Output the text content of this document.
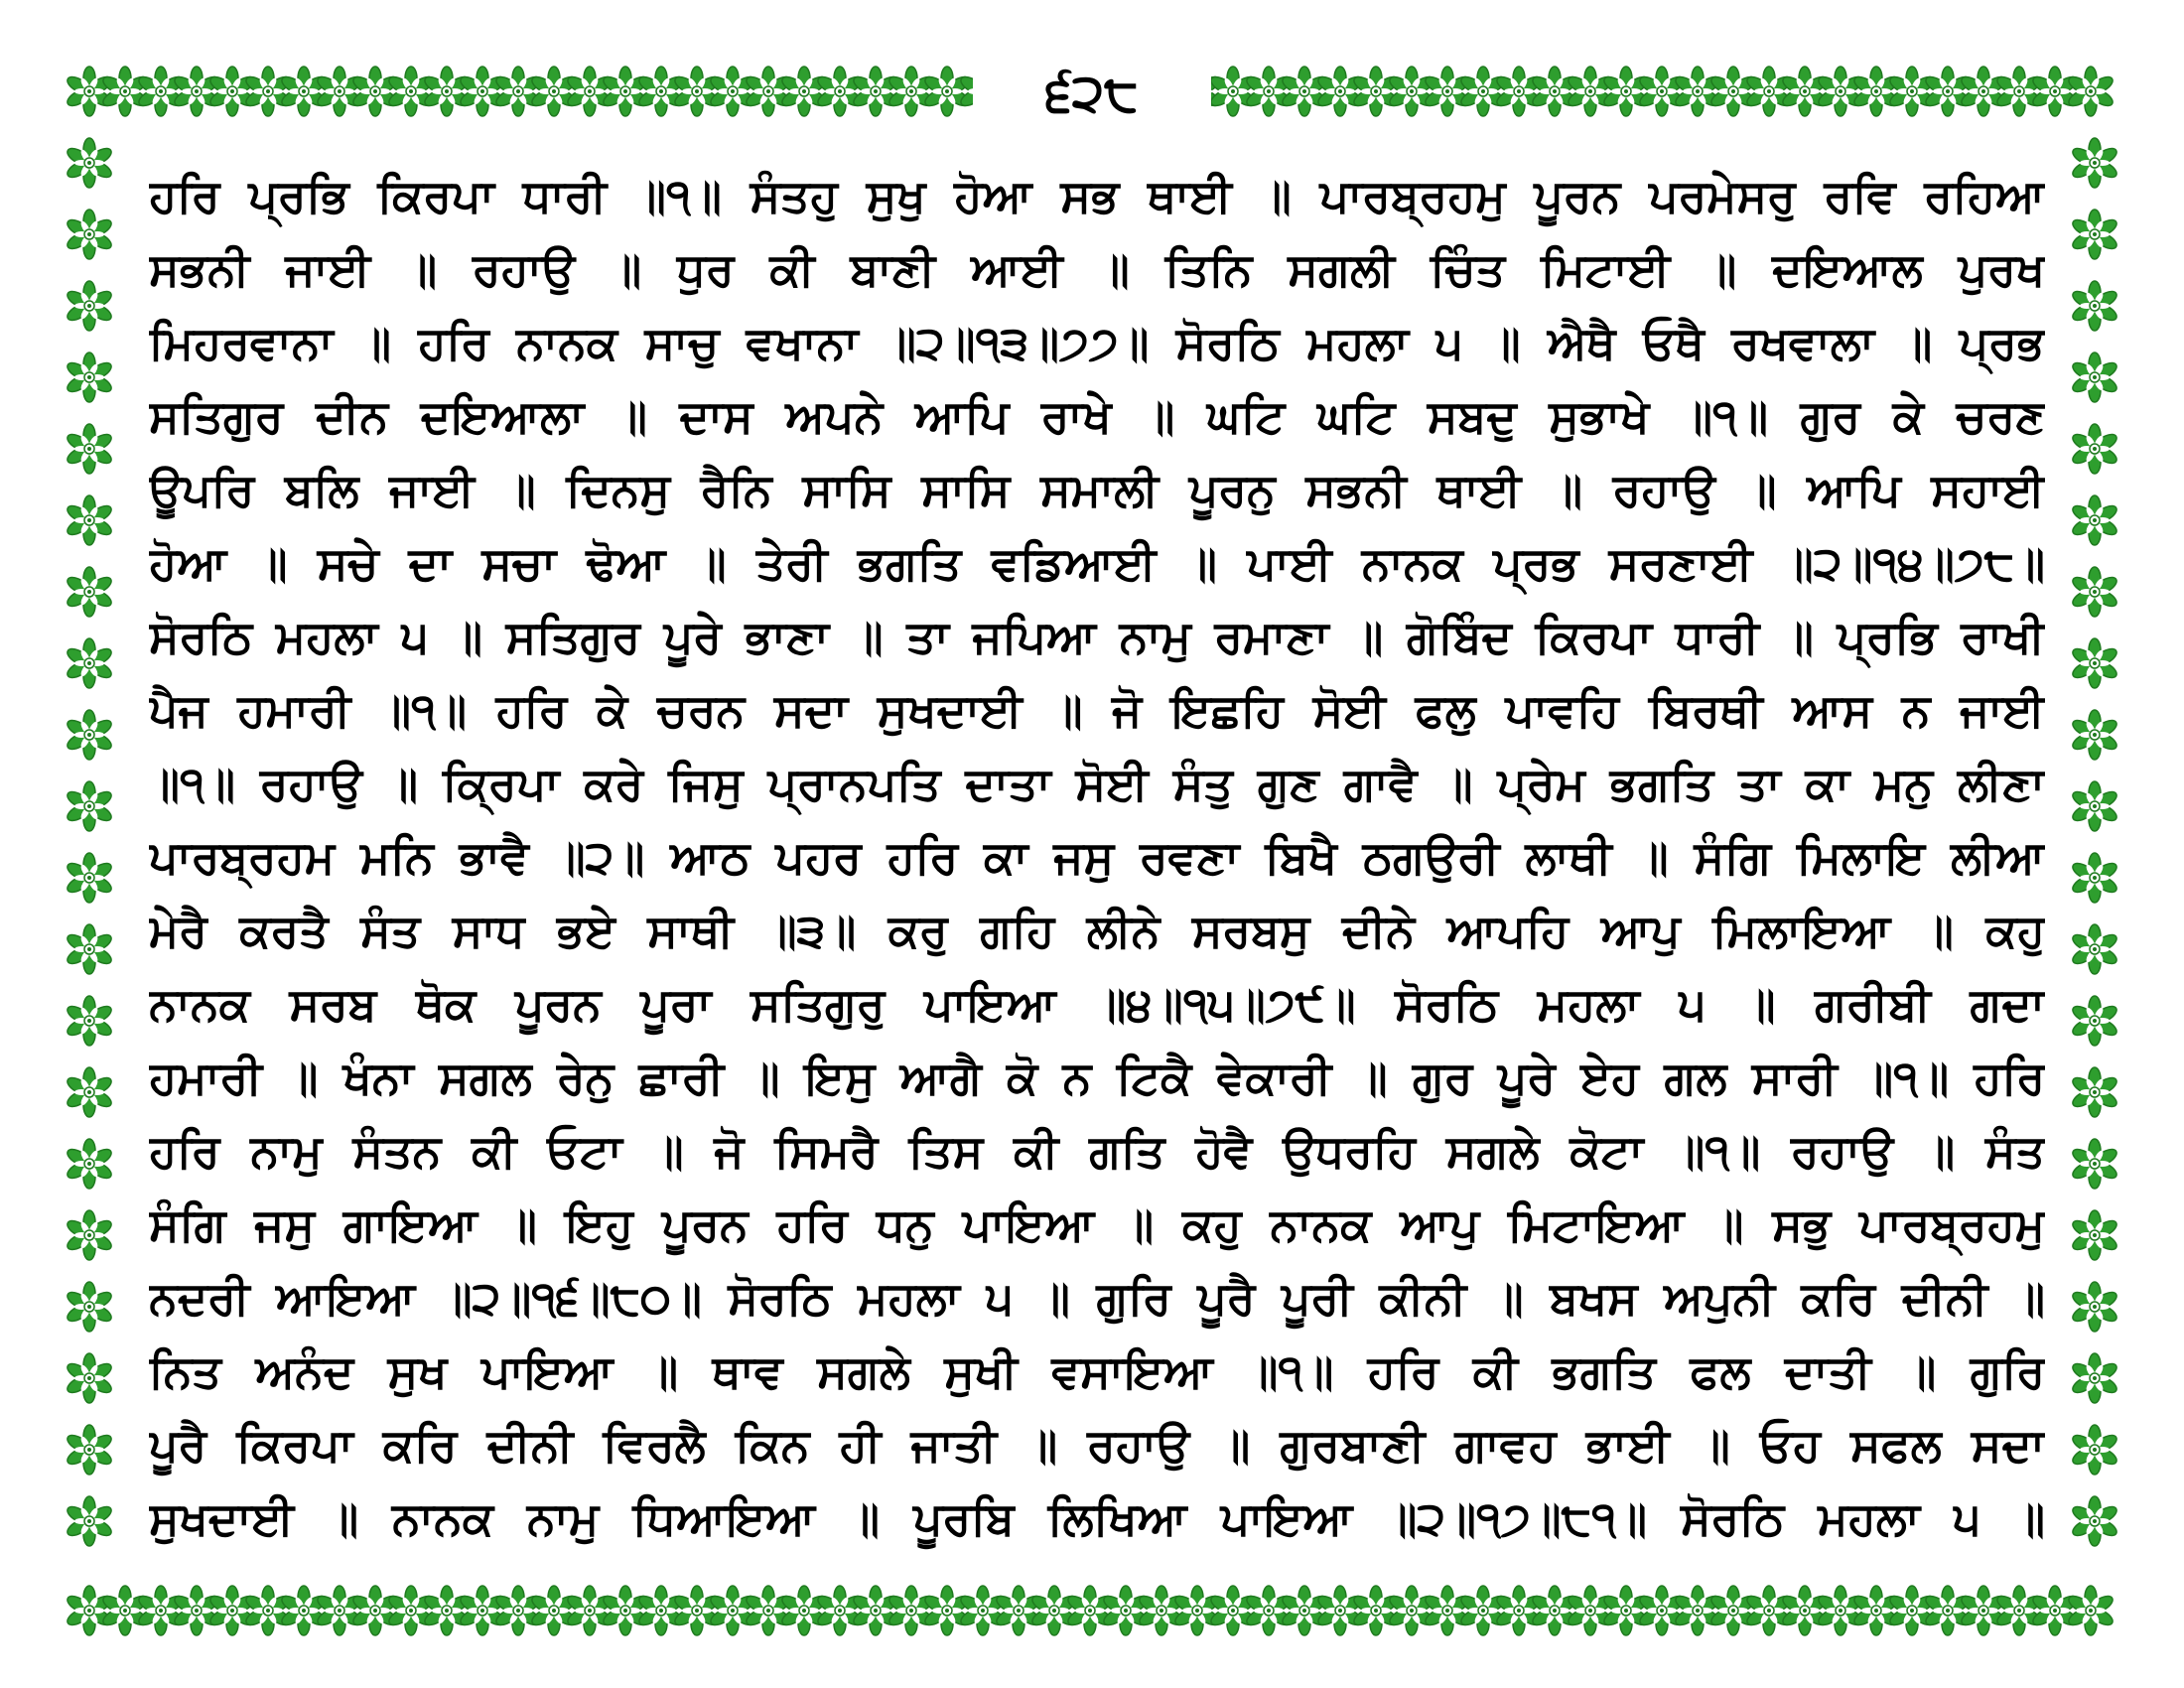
੬੨੮
ਹਰਿ ਪ੍ਰਭਿ ਕਿਰਪਾ ਧਾਰੀ ॥੧॥ ਸੰਤਹੁ ਸੁਖੁ ਹੋਆ ਸਭ ਥਾਈ ॥ ਪਾਰਬ੍ਰਹਮੁ ਪੂਰਨ ਪਰਮੇਸਰੁ ਰਵਿ ਰਹਿਆ
ਸਭਨੀ ਜਾਈ ॥ ਰਹਾਉ ॥ ਧੁਰ ਕੀ ਬਾਣੀ ਆਈ ॥ ਤਿਨਿ ਸਗਲੀ ਚਿੰਤ ਮਿਟਾਈ ॥ ਦਇਆਲ ਪੁਰਖ
ਮਿਹਰਵਾਨਾ ॥ ਹਰਿ ਨਾਨਕ ਸਾਚੁ ਵਖਾਨਾ ॥੨॥੧੩॥੭੭॥ ਸੋਰਠਿ ਮਹਲਾ ੫ ॥ ਐਥੈ ਓਥੈ ਰਖਵਾਲਾ ॥ ਪ੍ਰਭ
ਸਤਿਗੁਰ ਦੀਨ ਦਇਆਲਾ ॥ ਦਾਸ ਅਪਨੇ ਆਪਿ ਰਾਖੇ ॥ ਘਟਿ ਘਟਿ ਸਬਦੁ ਸੁਭਾਖੇ ॥੧॥ ਗੁਰ ਕੇ ਚਰਣ
ਊਪਰਿ ਬਲਿ ਜਾਈ ॥ ਦਿਨਸੁ ਰੈਨਿ ਸਾਸਿ ਸਾਸਿ ਸਮਾਲੀ ਪੂਰਨੁ ਸਭਨੀ ਥਾਈ ॥ ਰਹਾਉ ॥ ਆਪਿ ਸਹਾਈ
ਹੋਆ ॥ ਸਚੇ ਦਾ ਸਚਾ ਢੋਆ ॥ ਤੇਰੀ ਭਗਤਿ ਵਡਿਆਈ ॥ ਪਾਈ ਨਾਨਕ ਪ੍ਰਭ ਸਰਣਾਈ ॥੨॥੧੪॥੭੮॥
ਸੋਰਠਿ ਮਹਲਾ ੫ ॥ ਸਤਿਗੁਰ ਪੂਰੇ ਭਾਣਾ ॥ ਤਾ ਜਪਿਆ ਨਾਮੁ ਰਮਾਣਾ ॥ ਗੋਬਿੰਦ ਕਿਰਪਾ ਧਾਰੀ ॥ ਪ੍ਰਭਿ ਰਾਖੀ
ਪੈਜ ਹਮਾਰੀ ॥੧॥ ਹਰਿ ਕੇ ਚਰਨ ਸਦਾ ਸੁਖਦਾਈ ॥ ਜੋ ਇਛਹਿ ਸੋਈ ਫਲੁ ਪਾਵਹਿ ਬਿਰਥੀ ਆਸ ਨ ਜਾਈ
॥੧॥ ਰਹਾਉ ॥ ਕ੍ਰਿਪਾ ਕਰੇ ਜਿਸੁ ਪ੍ਰਾਨਪਤਿ ਦਾਤਾ ਸੋਈ ਸੰਤੁ ਗੁਣ ਗਾਵੈ ॥ ਪ੍ਰੇਮ ਭਗਤਿ ਤਾ ਕਾ ਮਨੁ ਲੀਣਾ
ਪਾਰਬ੍ਰਹਮ ਮਨਿ ਭਾਵੈ ॥੨॥ ਆਠ ਪਹਰ ਹਰਿ ਕਾ ਜਸੁ ਰਵਣਾ ਬਿਖੈ ਠਗਉਰੀ ਲਾਥੀ ॥ ਸੰਗਿ ਮਿਲਾਇ ਲੀਆ
ਮੇਰੈ ਕਰਤੈ ਸੰਤ ਸਾਧ ਭਏ ਸਾਥੀ ॥੩॥ ਕਰੁ ਗਹਿ ਲੀਨੇ ਸਰਬਸੁ ਦੀਨੇ ਆਪਹਿ ਆਪੁ ਮਿਲਾਇਆ ॥ ਕਹੁ
ਨਾਨਕ ਸਰਬ ਥੋਕ ਪੂਰਨ ਪੂਰਾ ਸਤਿਗੁਰੁ ਪਾਇਆ ॥੪॥੧੫॥੭੯॥ ਸੋਰਠਿ ਮਹਲਾ ੫ ॥ ਗਰੀਬੀ ਗਦਾ
ਹਮਾਰੀ ॥ ਖੰਨਾ ਸਗਲ ਰੇਨੁ ਛਾਰੀ ॥ ਇਸੁ ਆਗੈ ਕੋ ਨ ਟਿਕੈ ਵੇਕਾਰੀ ॥ ਗੁਰ ਪੂਰੇ ਏਹ ਗਲ ਸਾਰੀ ॥੧॥ ਹਰਿ
ਹਰਿ ਨਾਮੁ ਸੰਤਨ ਕੀ ਓਟਾ ॥ ਜੋ ਸਿਮਰੈ ਤਿਸ ਕੀ ਗਤਿ ਹੋਵੈ ਉਧਰਹਿ ਸਗਲੇ ਕੋਟਾ ॥੧॥ ਰਹਾਉ ॥ ਸੰਤ
ਸੰਗਿ ਜਸੁ ਗਾਇਆ ॥ ਇਹੁ ਪੂਰਨ ਹਰਿ ਧਨੁ ਪਾਇਆ ॥ ਕਹੁ ਨਾਨਕ ਆਪੁ ਮਿਟਾਇਆ ॥ ਸਭੁ ਪਾਰਬ੍ਰਹਮੁ
ਨਦਰੀ ਆਇਆ ॥੨॥੧੬॥੮੦॥ ਸੋਰਠਿ ਮਹਲਾ ੫ ॥ ਗੁਰਿ ਪੂਰੈ ਪੂਰੀ ਕੀਨੀ ॥ ਬਖਸ ਅਪੁਨੀ ਕਰਿ ਦੀਨੀ ॥
ਨਿਤ ਅਨੰਦ ਸੁਖ ਪਾਇਆ ॥ ਥਾਵ ਸਗਲੇ ਸੁਖੀ ਵਸਾਇਆ ॥੧॥ ਹਰਿ ਕੀ ਭਗਤਿ ਫਲ ਦਾਤੀ ॥ ਗੁਰਿ
ਪੂਰੈ ਕਿਰਪਾ ਕਰਿ ਦੀਨੀ ਵਿਰਲੈ ਕਿਨ ਹੀ ਜਾਤੀ ॥ ਰਹਾਉ ॥ ਗੁਰਬਾਣੀ ਗਾਵਹ ਭਾਈ ॥ ਓਹ ਸਫਲ ਸਦਾ
ਸੁਖਦਾਈ ॥ ਨਾਨਕ ਨਾਮੁ ਧਿਆਇਆ ॥ ਪੂਰਬਿ ਲਿਖਿਆ ਪਾਇਆ ॥੨॥੧੭॥੮੧॥ ਸੋਰਠਿ ਮਹਲਾ ੫ ॥
